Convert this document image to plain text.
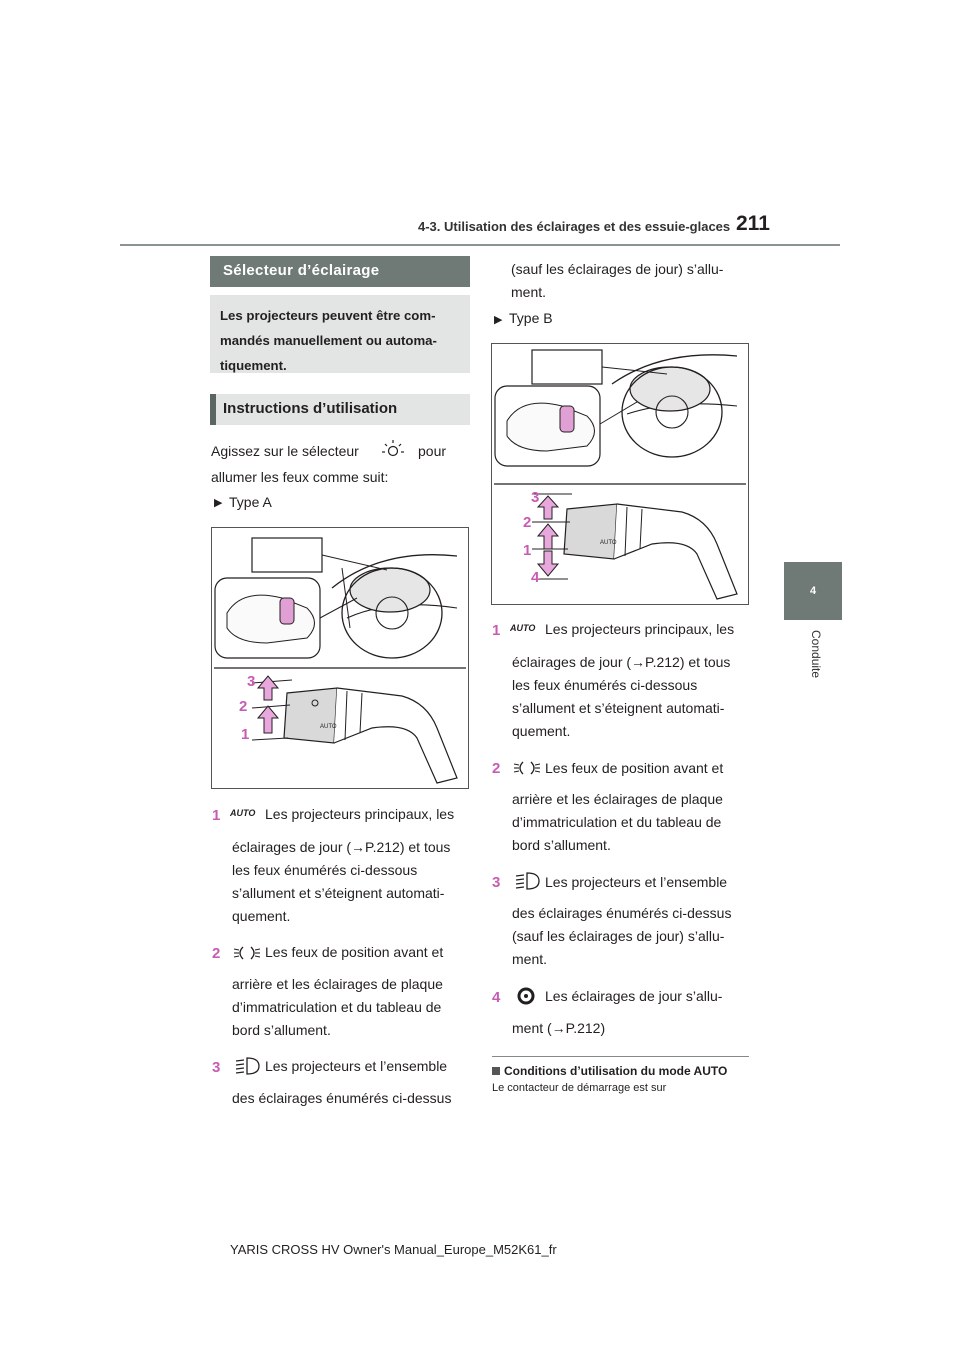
4-3. Utilisation des éclairages et des essuie-glaces 211
4
Conduite
Sélecteur d’éclairage
Les projecteurs peuvent être com-
mandés manuellement ou automa-
tiquement.
Instructions d’utilisation
Agissez sur le sélecteur	pour
allumer les feux comme suit:
▶ Type A
AUTO
3
2
1
1 AUTO Les projecteurs principaux, les
éclairages de jour (→P.212) et tous
les feux énumérés ci-dessous
s’allument et s’éteignent automati-
quement.
2	Les feux de position avant et
arrière et les éclairages de plaque
d’immatriculation et du tableau de
bord s’allument.
3	Les projecteurs et l’ensemble
des éclairages énumérés ci-dessus
(sauf les éclairages de jour) s’allu-
ment.
▶ Type B
AUTO
3
2
1
4
1 AUTO Les projecteurs principaux, les
éclairages de jour (→P.212) et tous
les feux énumérés ci-dessous
s’allument et s’éteignent automati-
quement.
2	Les feux de position avant et
arrière et les éclairages de plaque
d’immatriculation et du tableau de
bord s’allument.
3	Les projecteurs et l’ensemble
des éclairages énumérés ci-dessus
(sauf les éclairages de jour) s’allu-
ment.
4	Les éclairages de jour s’allu-
ment (→P.212)
Conditions d’utilisation du mode AUTO
Le contacteur de démarrage est sur
YARIS CROSS HV Owner's Manual_Europe_M52K61_fr
